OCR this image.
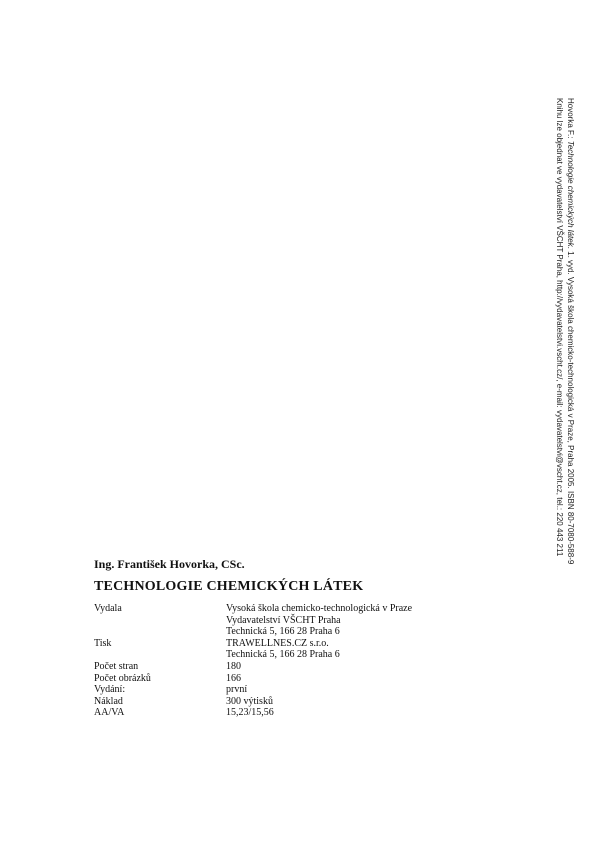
Hovorka F.: Technologie chemických látek. 1. vyd. Vysoká škola chemicko-technologická v Praze, Praha 2005. ISBN 80-7080-588-9
Knihu lze objednat ve vydavatelství VŠCHT Praha, http://vydavatelstvi.vscht.cz/, e-mail: vydavatelstvi@vscht.cz, tel.: 220 443 211
Ing. František Hovorka, CSc.
TECHNOLOGIE CHEMICKÝCH LÁTEK
Vydala	Vysoká škola chemicko-technologická v Praze
Vydavatelství VŠCHT Praha
Technická 5, 166 28 Praha 6
Tisk	TRAWELLNES.CZ s.r.o.
Technická 5, 166 28 Praha 6
Počet stran	180
Počet obrázků	166
Vydání:	první
Náklad	300 výtisků
AA/VA	15,23/15,56
